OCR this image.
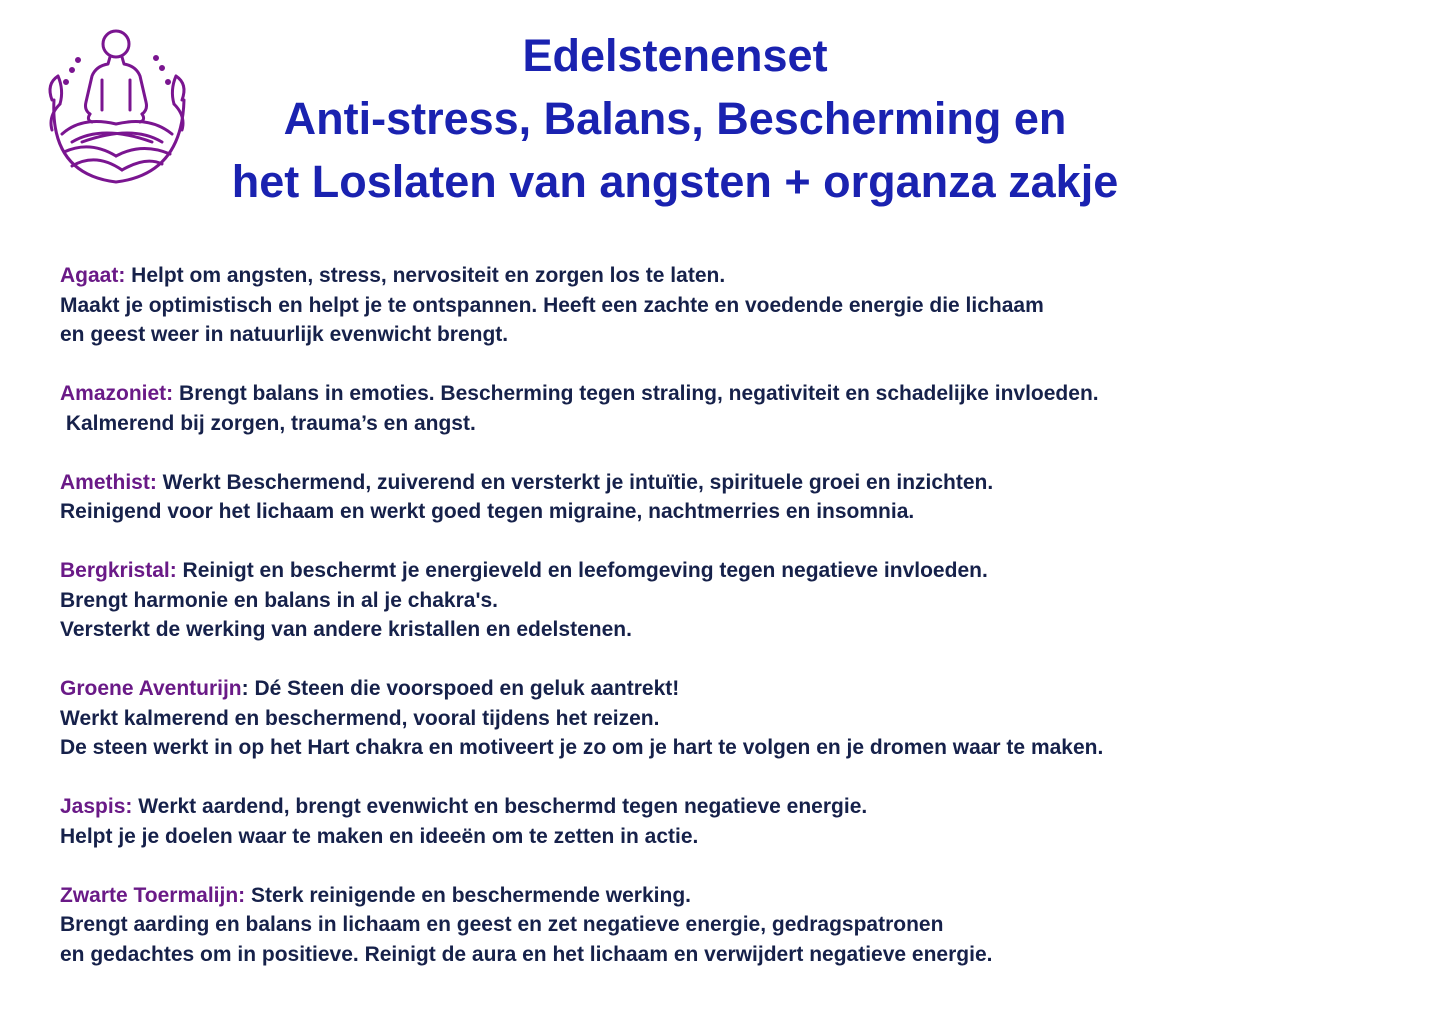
Edelstenenset
Anti-stress, Balans, Bescherming en
het Loslaten van angsten + organza zakje
Agaat: Helpt om angsten, stress, nervositeit en zorgen los te laten.
Maakt je optimistisch en helpt je te ontspannen. Heeft een zachte en voedende energie die lichaam
en geest weer in natuurlijk evenwicht brengt.
Amazoniet: Brengt balans in emoties. Bescherming tegen straling, negativiteit en schadelijke invloeden.
Kalmerend bij zorgen, trauma’s en angst.
Amethist: Werkt Beschermend, zuiverend en versterkt je intuïtie, spirituele groei en inzichten.
Reinigend voor het lichaam en werkt goed tegen migraine, nachtmerries en insomnia.
Bergkristal: Reinigt en beschermt je energieveld en leefomgeving tegen negatieve invloeden.
Brengt harmonie en balans in al je chakra's.
Versterkt de werking van andere kristallen en edelstenen.
Groene Aventurijn: Dé Steen die voorspoed en geluk aantrekt!
Werkt kalmerend en beschermend, vooral tijdens het reizen.
De steen werkt in op het Hart chakra en motiveert je zo om je hart te volgen en je dromen waar te maken.
Jaspis: Werkt aardend, brengt evenwicht en beschermd tegen negatieve energie.
Helpt je je doelen waar te maken en ideeën om te zetten in actie.
Zwarte Toermalijn: Sterk reinigende en beschermende werking.
Brengt aarding en balans in lichaam en geest en zet negatieve energie, gedragspatronen
en gedachtes om in positieve. Reinigt de aura en het lichaam en verwijdert negatieve energie.
